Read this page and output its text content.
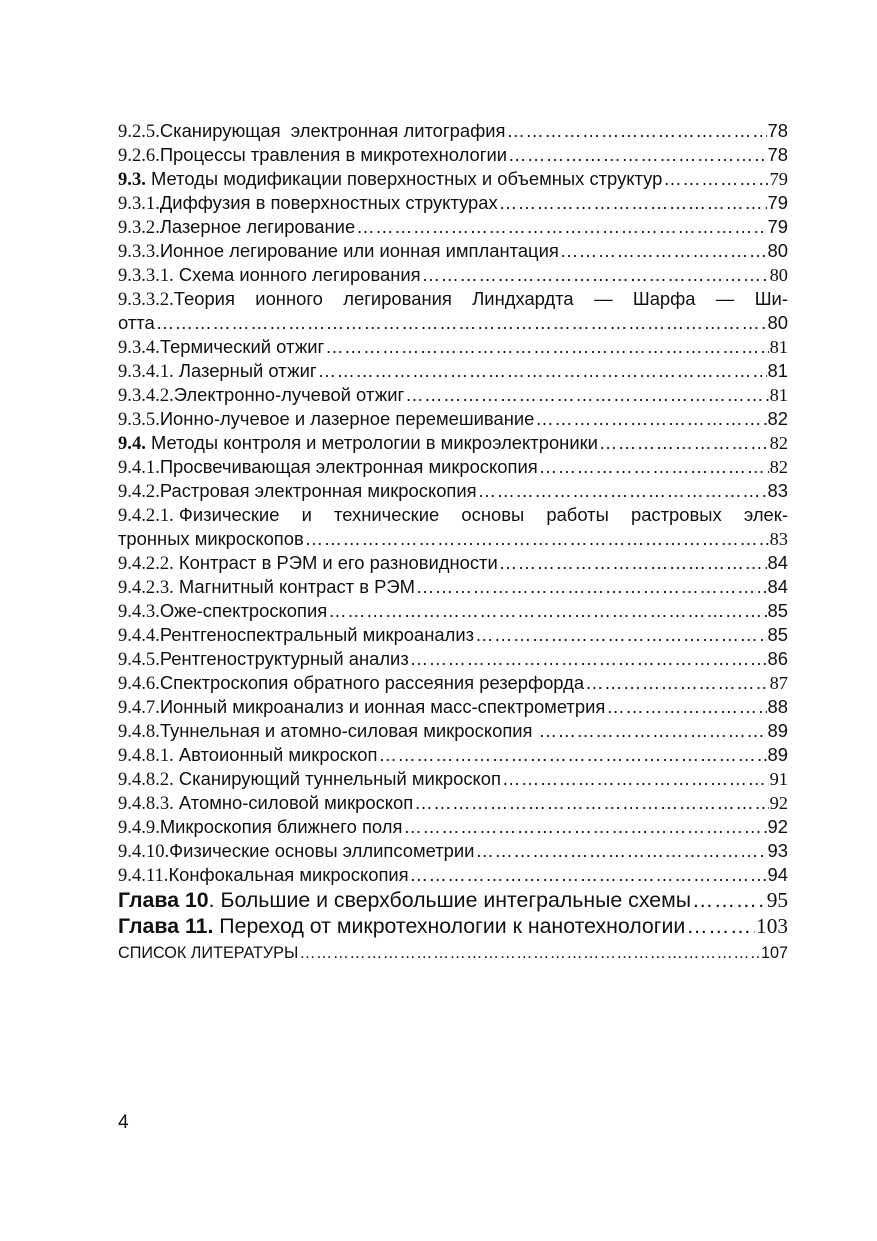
9.2.5. Сканирующая  электронная литография ……………………………………………………………………………………………………………………………………………………	78
9.2.6. Процессы травления в микротехнологии ……………………………………………………………………………………………………………………………………………………	78
9.3. Методы модификации поверхностных и объемных структур ……………………………………………………………………………………………………………………………………………………	79
9.3.1. Диффузия в поверхностных структурах ……………………………………………………………………………………………………………………………………………………	79
9.3.2. Лазерное легирование ……………………………………………………………………………………………………………………………………………………	79
9.3.3. Ионное легирование или ионная имплантация ……………………………………………………………………………………………………………………………………………………	80
9.3.3.1. Схема ионного легирования ……………………………………………………………………………………………………………………………………………………	80
9.3.3.2.Теория ионного легирования Линдхардта — Шарфа — Ши-
отта ……………………………………………………………………………………………………………………………………………………	80
9.3.4. Термический отжиг ……………………………………………………………………………………………………………………………………………………	81
9.3.4.1. Лазерный отжиг ……………………………………………………………………………………………………………………………………………………	81
9.3.4.2. Электронно-лучевой отжиг ……………………………………………………………………………………………………………………………………………………	81
9.3.5. Ионно-лучевое и лазерное перемешивание ……………………………………………………………………………………………………………………………………………………	82
9.4. Методы контроля и метрологии в микроэлектроники ……………………………………………………………………………………………………………………………………………………	82
9.4.1. Просвечивающая электронная микроскопия ……………………………………………………………………………………………………………………………………………………	82
9.4.2. Растровая электронная микроскопия ……………………………………………………………………………………………………………………………………………………	83
9.4.2.1. Физические и технические основы работы растровых элек-
тронных микроскопов ……………………………………………………………………………………………………………………………………………………	83
9.4.2.2. Контраст в РЭМ и его разновидности ……………………………………………………………………………………………………………………………………………………	84
9.4.2.3. Магнитный контраст в РЭМ ……………………………………………………………………………………………………………………………………………………	84
9.4.3. Оже-спектроскопия ……………………………………………………………………………………………………………………………………………………	85
9.4.4. Рентгеноспектральный микроанализ ……………………………………………………………………………………………………………………………………………………	85
9.4.5. Рентгеноструктурный анализ ……………………………………………………………………………………………………………………………………………………	86
9.4.6. Спектроскопия обратного рассеяния резерфорда ……………………………………………………………………………………………………………………………………………………	87
9.4.7. Ионный микроанализ и ионная масс-спектрометрия ……………………………………………………………………………………………………………………………………………………	88
9.4.8. Туннельная и атомно-силовая микроскопия ……………………………………………………………………………………………………………………………………………………	89
9.4.8.1. Автоионный микроскоп ……………………………………………………………………………………………………………………………………………………	89
9.4.8.2. Сканирующий туннельный микроскоп ……………………………………………………………………………………………………………………………………………………	91
9.4.8.3. Атомно-силовой микроскоп ……………………………………………………………………………………………………………………………………………………	92
9.4.9. Микроскопия ближнего поля ……………………………………………………………………………………………………………………………………………………	92
9.4.10. Физические основы эллипсометрии ……………………………………………………………………………………………………………………………………………………	93
9.4.11. Конфокальная микроскопия ……………………………………………………………………………………………………………………………………………………	94
Глава 10 . Большие и сверхбольшие интегральные схемы ……………………………………………………………………………………………………………………………………………………	95
Глава 11. Переход от микротехнологии к нанотехнологии ……………………………………………………………………………………………………………………………………………………	103
СПИСОК ЛИТЕРАТУРЫ ……………………………………………………………………………………………………………………………………………………	107
4
